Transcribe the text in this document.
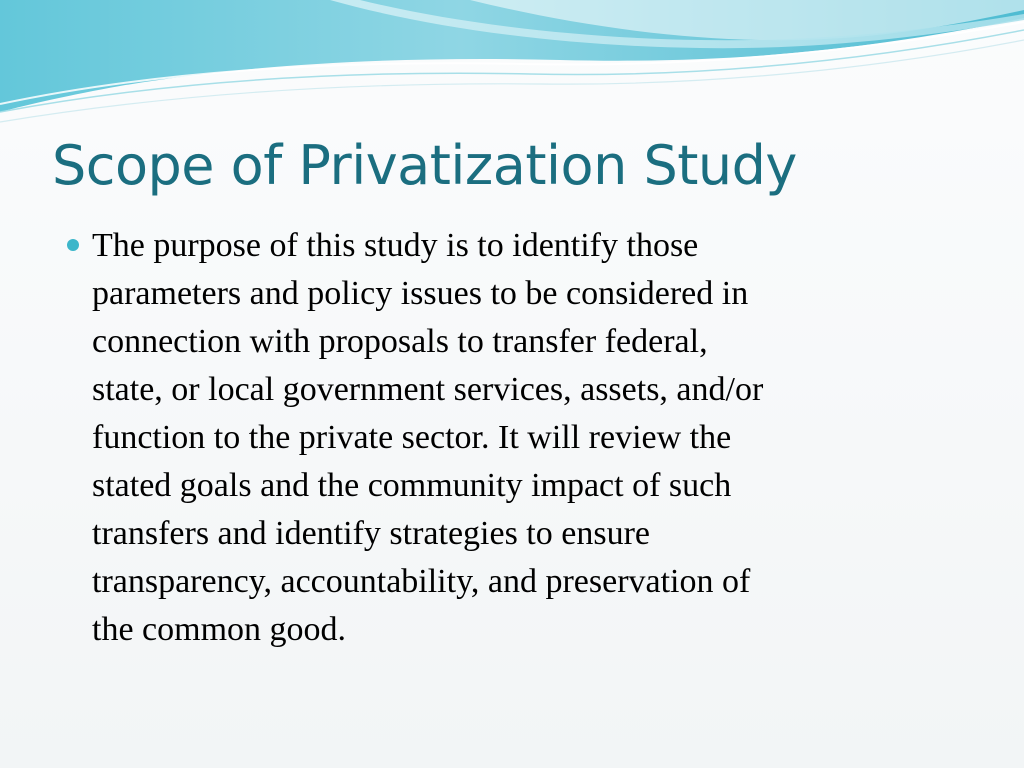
Scope of Privatization Study
The purpose of this study is to identify those
parameters and policy issues to be considered in
connection with proposals to transfer federal,
state, or local government services, assets, and/or
function to the private sector. It will review the
stated goals and the community impact of such
transfers and identify strategies to ensure
transparency, accountability, and preservation of
the common good.
